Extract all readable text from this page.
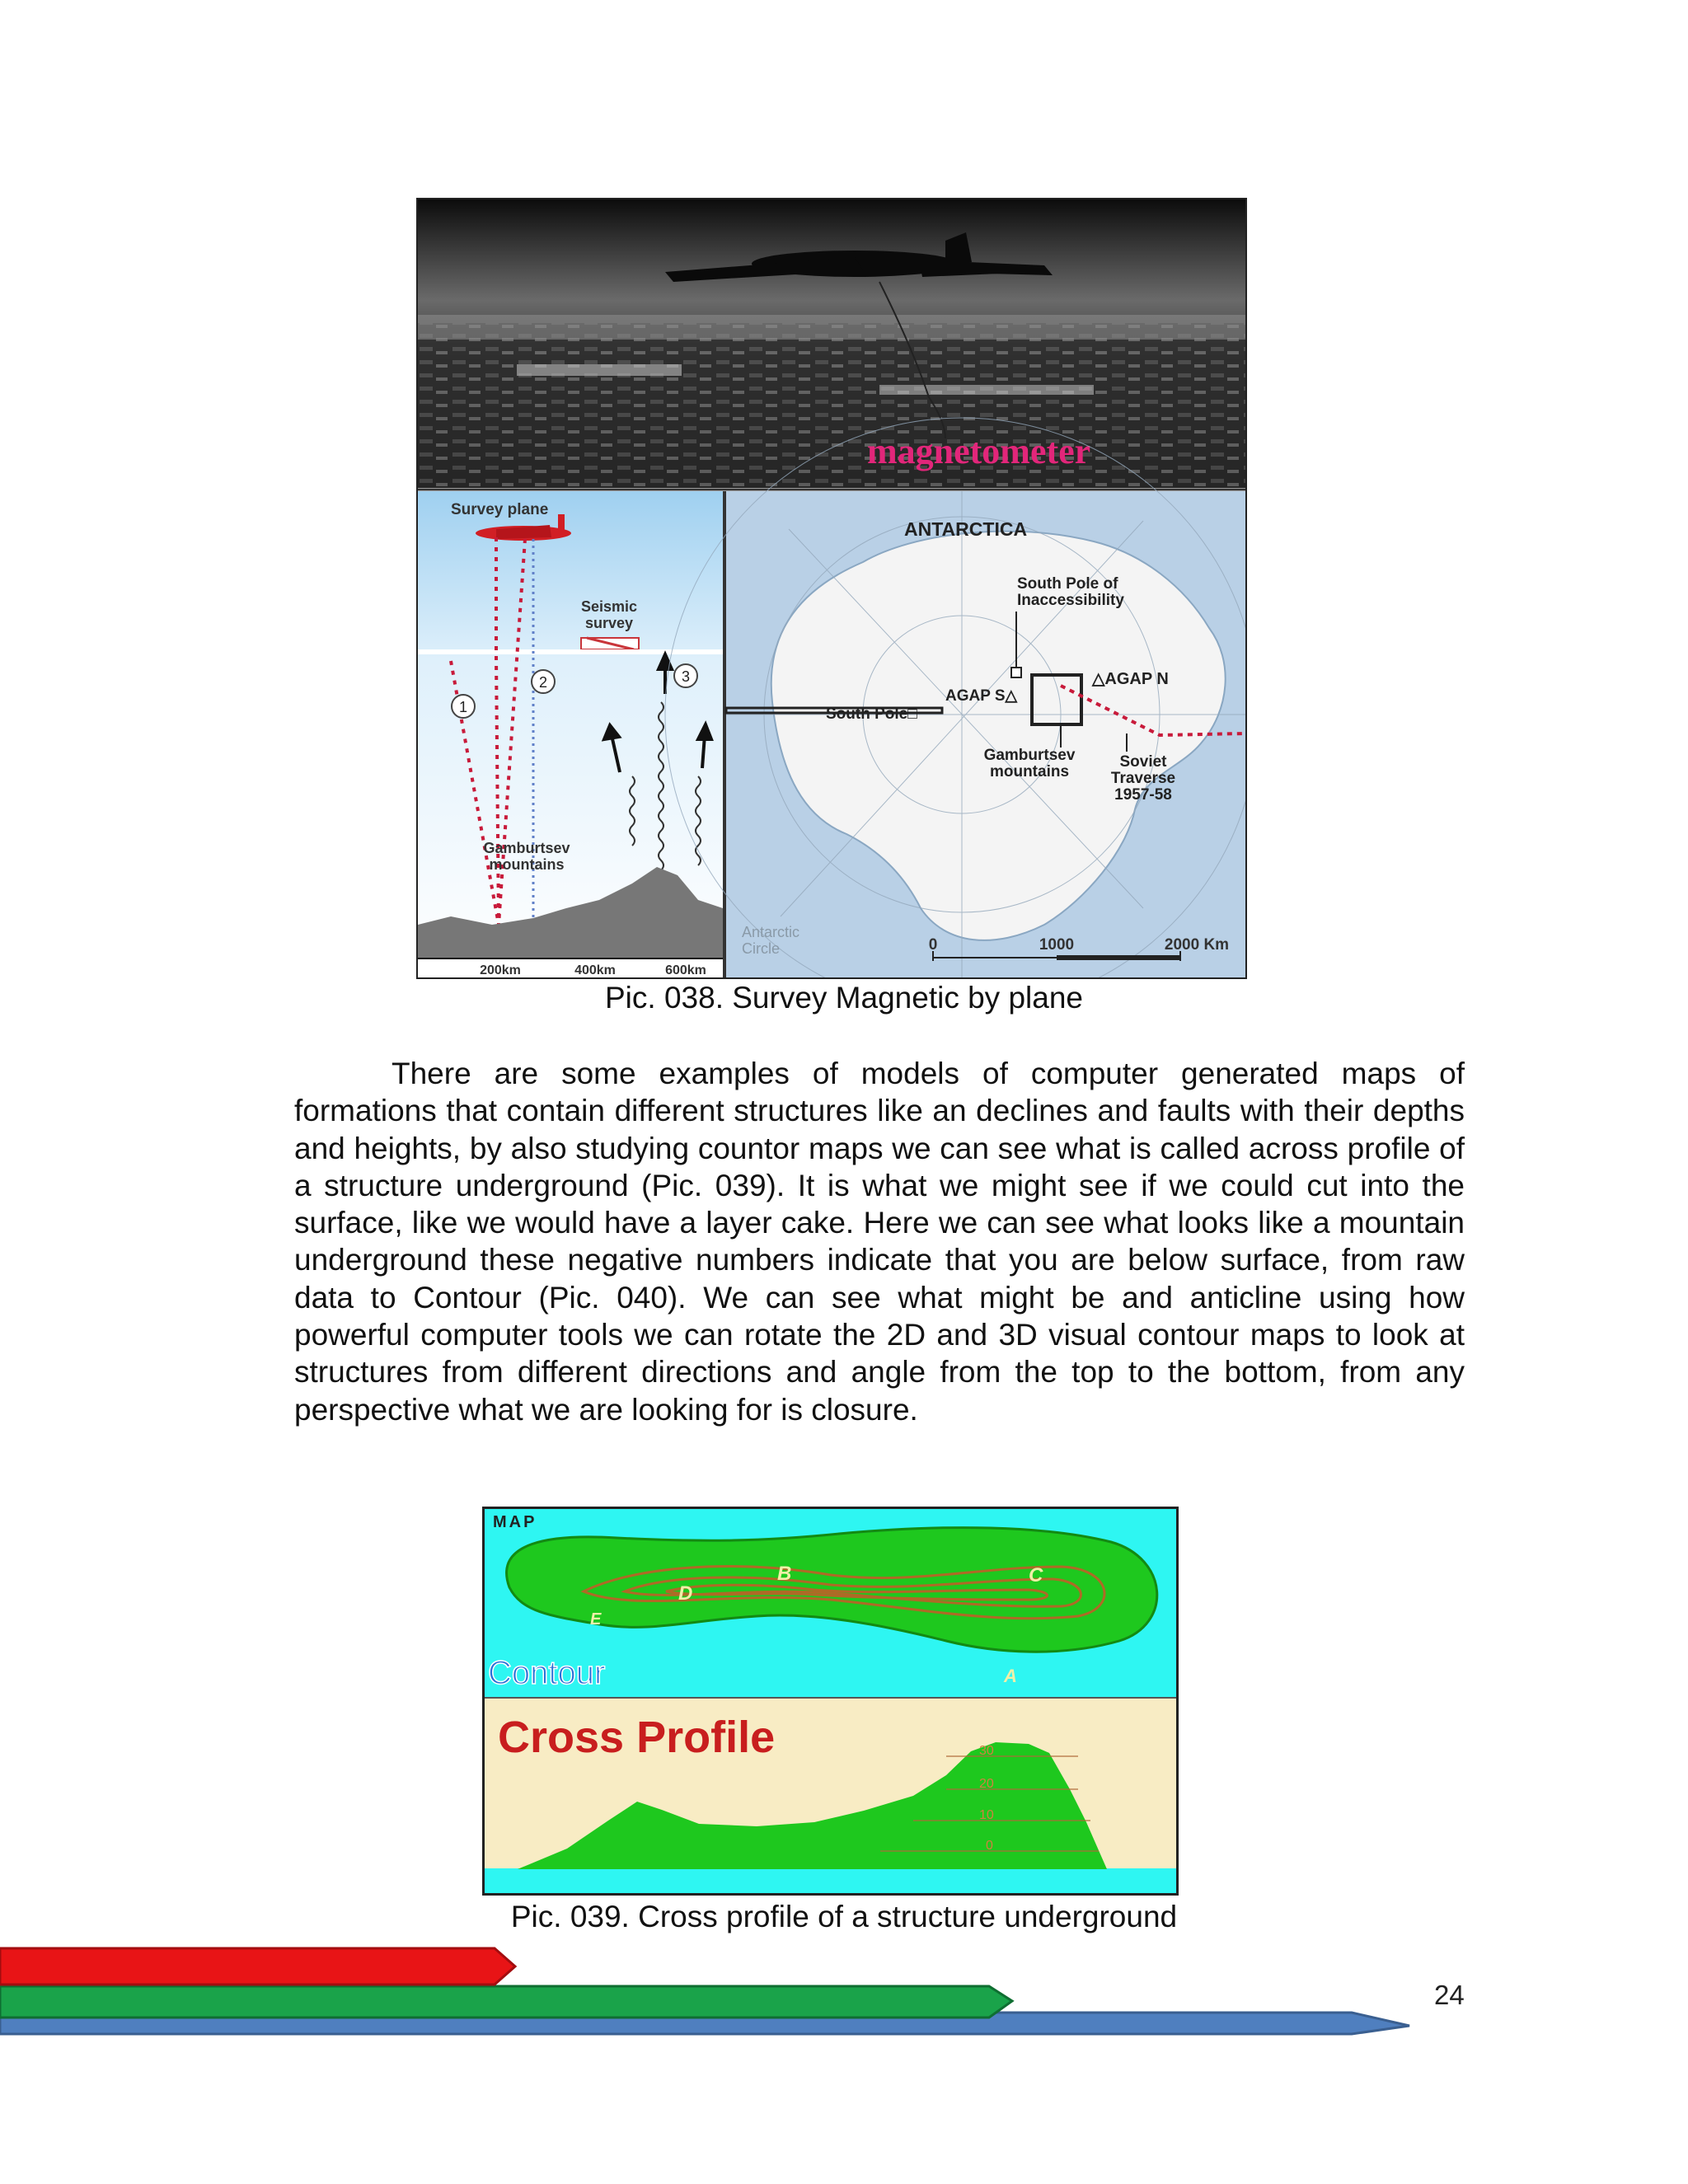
magnetometer
Survey plane
Seismic
survey
1
2	3
Gamburtsev
mountains
200km	400km	600km
ANTARCTICA
South Pole of
Inaccessibility
△AGAP N
AGAP S△
South Pole□
Gamburtsev
mountains
Soviet
Traverse
1957-58
Antarctic
Circle	0	1000	2000 Km
Pic. 038. Survey Magnetic by plane
There are some examples of models of computer generated maps of formations that contain different structures like an declines and faults with their depths and heights, by also studying countor maps we can see what is called across profile of a structure underground (Pic. 039). It is what we might see if we could cut into the surface, like we would have a layer cake. Here we can see what looks like a mountain underground these negative numbers indicate that you are below surface, from raw data to Contour (Pic. 040). We can see what might be and anticline using how powerful computer tools we can rotate the 2D and 3D visual contour maps to look at structures from different directions and angle from the top to the bottom, from any perspective what we are looking for is closure.
MAP
D
B	C
E
A
Contour
Cross Profile	30
20
10
0
Pic. 039. Cross profile of a structure underground
24
